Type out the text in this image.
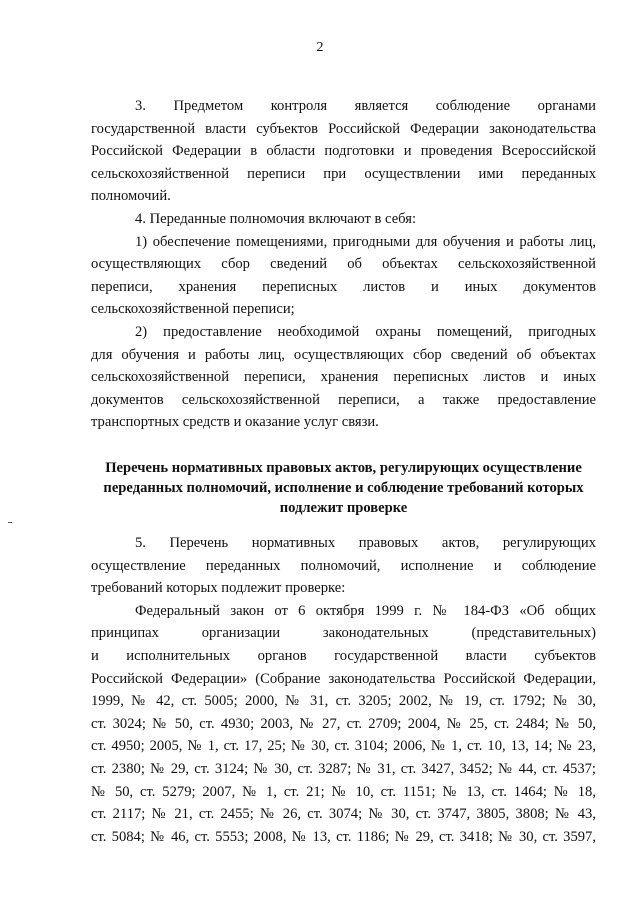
2
3. Предметом контроля является соблюдение органами
государственной власти субъектов Российской Федерации законодательства
Российской Федерации в области подготовки и проведения Всероссийской
сельскохозяйственной переписи при осуществлении ими переданных
полномочий.
4. Переданные полномочия включают в себя:
1) обеспечение помещениями, пригодными для обучения и работы лиц,
осуществляющих сбор сведений об объектах сельскохозяйственной
переписи, хранения переписных листов и иных документов
сельскохозяйственной переписи;
2) предоставление необходимой охраны помещений, пригодных
для обучения и работы лиц, осуществляющих сбор сведений об объектах
сельскохозяйственной переписи, хранения переписных листов и иных
документов сельскохозяйственной переписи, а также предоставление
транспортных средств и оказание услуг связи.
Перечень нормативных правовых актов, регулирующих осуществление
переданных полномочий, исполнение и соблюдение требований которых
подлежит проверке
5. Перечень нормативных правовых актов, регулирующих
осуществление переданных полномочий, исполнение и соблюдение
требований которых подлежит проверке:
Федеральный закон от 6 октября 1999 г. № 184-ФЗ «Об общих
принципах организации законодательных (представительных)
и исполнительных органов государственной власти субъектов
Российской Федерации» (Собрание законодательства Российской Федерации,
1999, № 42, ст. 5005; 2000, № 31, ст. 3205; 2002, № 19, ст. 1792; № 30,
ст. 3024; № 50, ст. 4930; 2003, № 27, ст. 2709; 2004, № 25, ст. 2484; № 50,
ст. 4950; 2005, № 1, ст. 17, 25; № 30, ст. 3104; 2006, № 1, ст. 10, 13, 14; № 23,
ст. 2380; № 29, ст. 3124; № 30, ст. 3287; № 31, ст. 3427, 3452; № 44, ст. 4537;
№ 50, ст. 5279; 2007, № 1, ст. 21; № 10, ст. 1151; № 13, ст. 1464; № 18,
ст. 2117; № 21, ст. 2455; № 26, ст. 3074; № 30, ст. 3747, 3805, 3808; № 43,
ст. 5084; № 46, ст. 5553; 2008, № 13, ст. 1186; № 29, ст. 3418; № 30, ст. 3597,
